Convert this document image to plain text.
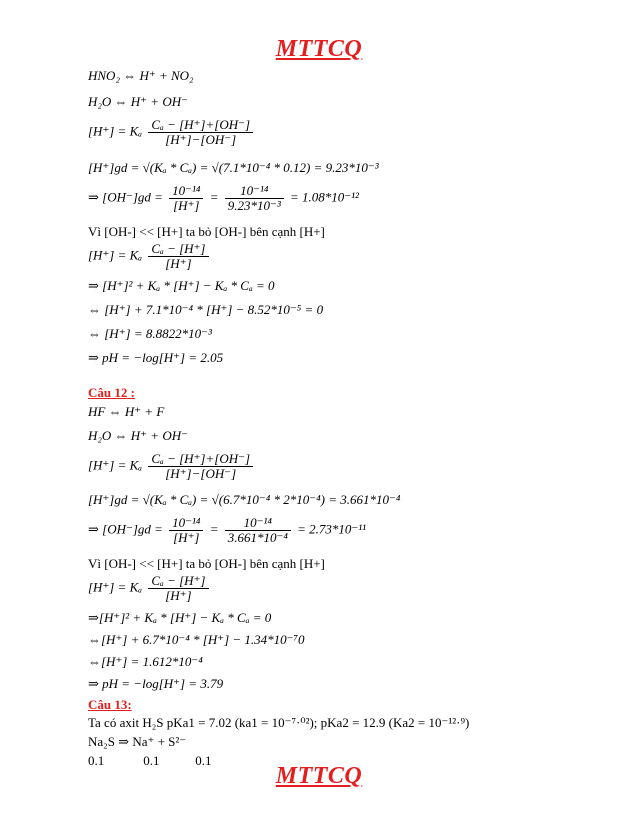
MTTCQ
HNO₂ ⇔ H⁺ + NO₂
H₂O ⇔ H⁺ + OH⁻
[H⁺] = Kₐ $\frac{\text{Cₐ − [H⁺]+[OH⁻]}}{[H^+]-[OH^-]}$
[H⁺]gd = √(Kₐ * Cₐ) = √(7.1*10⁻⁴ * 0.12) = 9.23*10⁻³
⇒ $[OH^-]gd = \frac{\text{10⁻¹⁴}}{[H^+]} = \frac{\text{10⁻¹⁴}}{\text{9.23*10⁻³}} = 1.08*10^{-12}$
Vì [OH-] << [H+] ta bỏ [OH-] bên cạnh [H+]
[H⁺] = Kₐ $\frac{\text{Cₐ − [H⁺]}}{[H^+]}$
⇒ [H⁺]² + Kₐ * [H⁺] − Kₐ * Cₐ = 0
⇔ [H⁺] + 7.1*10⁻⁴ * [H⁺] − 8.52*10⁻⁵ = 0
⇔ [H⁺] = 8.8822*10⁻³
⇒ pH = −log[H⁺] = 2.05
Câu 12 :
HF ⇔ H⁺ + F
H₂O ⇔ H⁺ + OH⁻
[H⁺] = Kₐ $\frac{\text{Cₐ − [H⁺]+[OH⁻]}}{[H^+]-[OH^-]}$
[H⁺]gd = √(Kₐ * Cₐ) = √(6.7*10⁻⁴ * 2*10⁻⁴) = 3.661*10⁻⁴
⇒ $[OH^-]gd = \frac{\text{10⁻¹⁴}}{[H^+]} = \frac{\text{10⁻¹⁴}}{\text{3.661*10⁻⁴}} = 2.73*10^{-11}$
Vì [OH-] << [H+] ta bỏ [OH-] bên cạnh [H+]
[H⁺] = Kₐ $\frac{\text{Cₐ − [H⁺]}}{[H^+]}$
⇒[H⁺]² + Kₐ * [H⁺] − Kₐ * Cₐ = 0
⇔[H⁺] + 6.7*10⁻⁴ * [H⁺] − 1.34*10⁻⁷0
⇔[H⁺] = 1.612*10⁻⁴
⇒ pH = −log[H⁺] = 3.79
Câu 13:
Ta có axit H₂S pKa1 = 7.02 (ka1 = 10⁻⁷·⁰²); pKa2 = 12.9 (Ka2 = 10⁻¹²·⁹)
Na₂S ⇒ Na⁺ + S²⁻
0.1            0.1           0.1
MTTCQ
